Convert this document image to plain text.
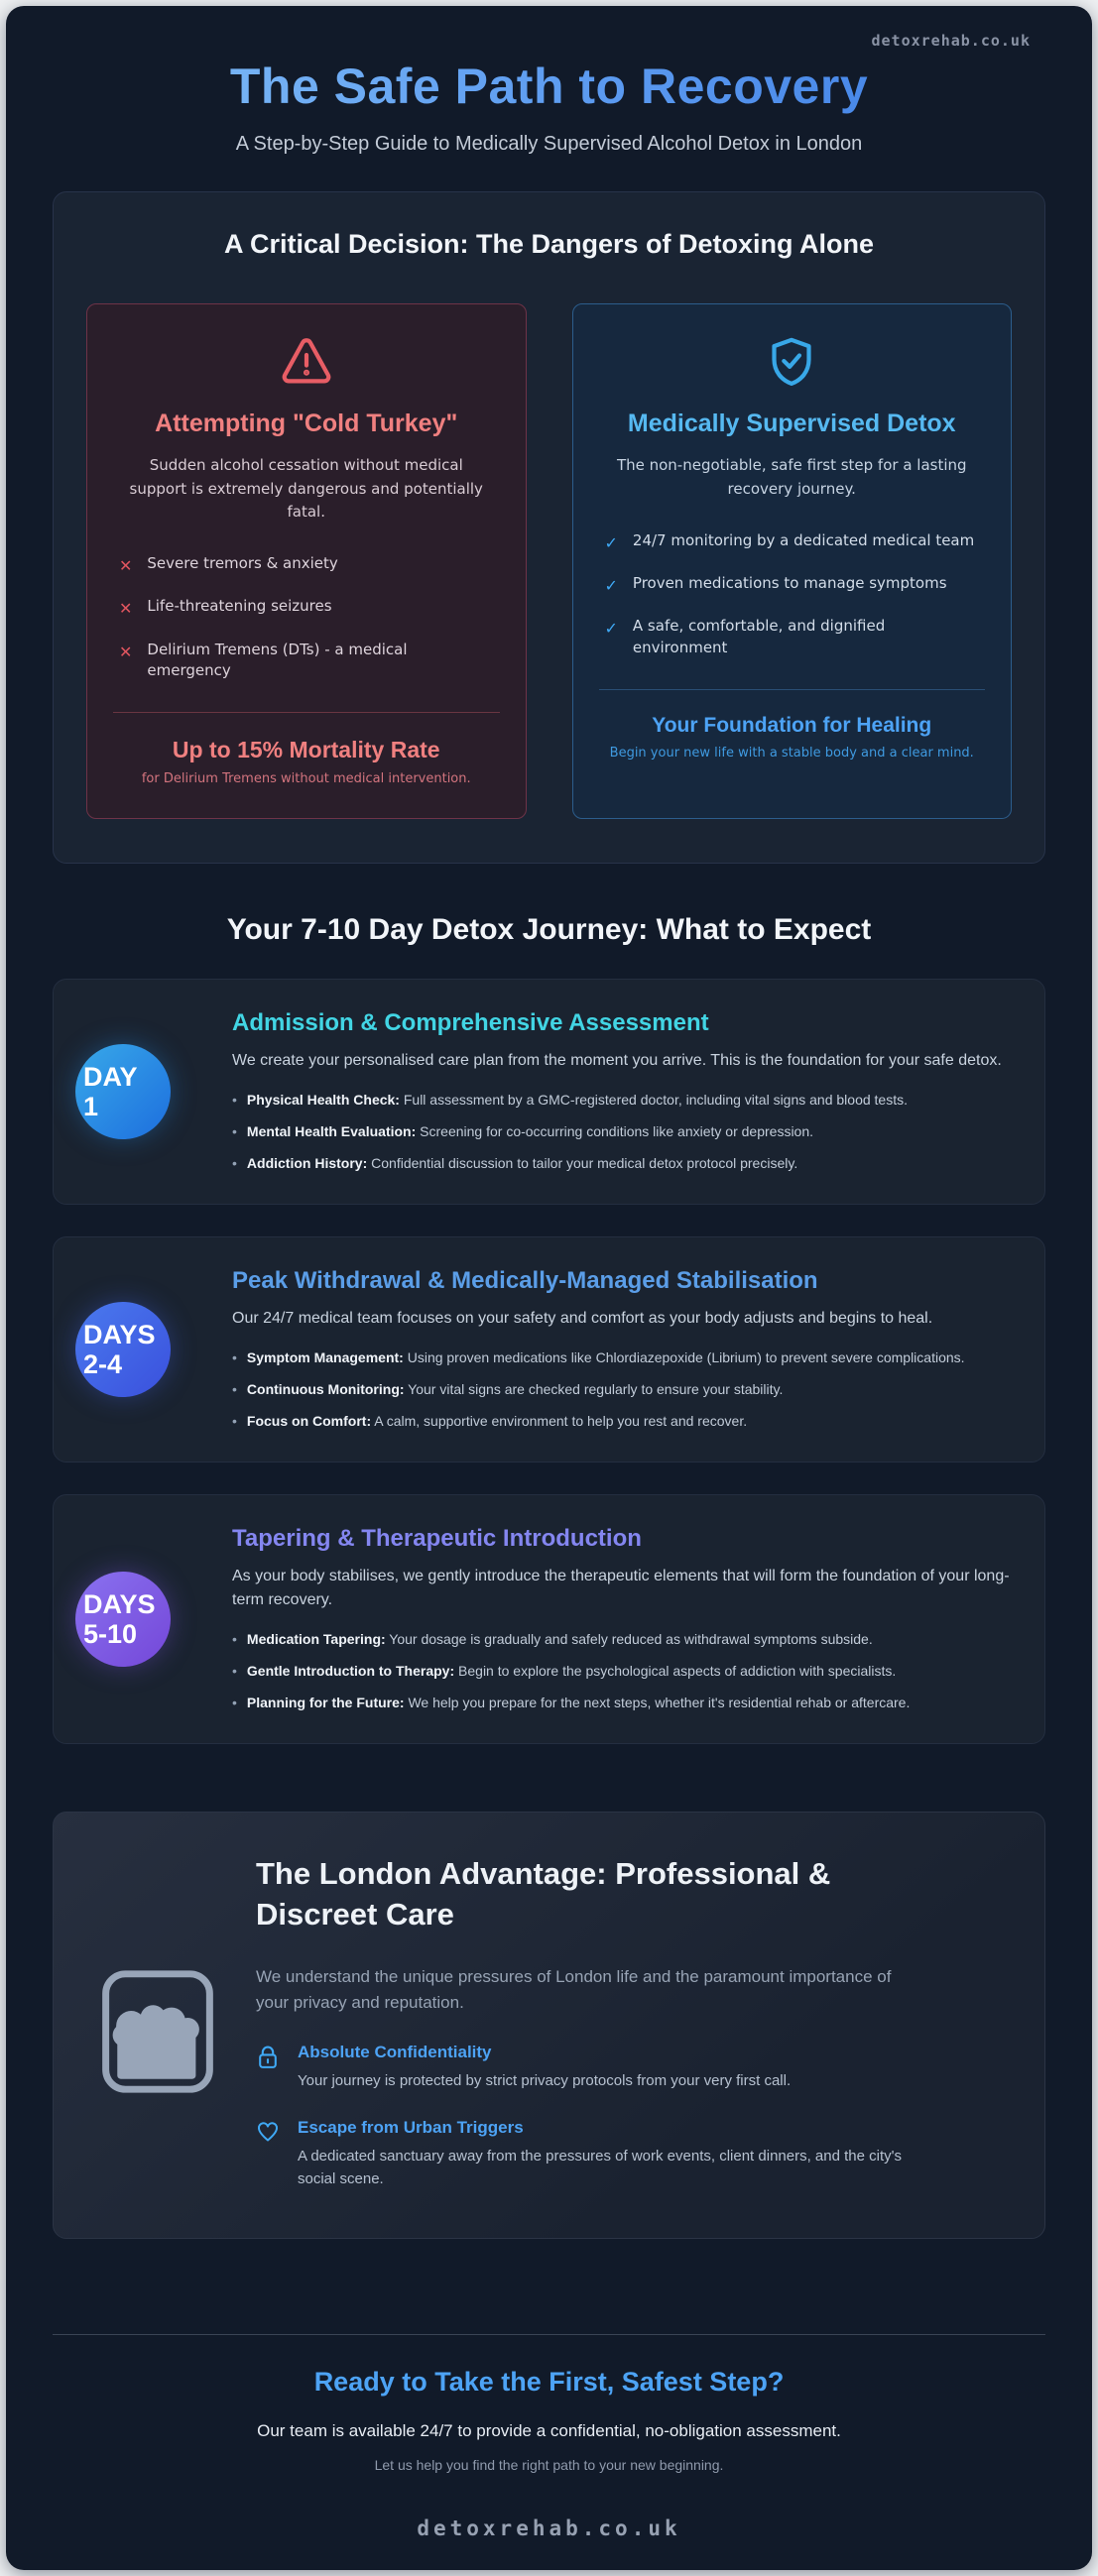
detoxrehab.co.uk
The Safe Path to Recovery
A Step-by-Step Guide to Medically Supervised Alcohol Detox in London
A Critical Decision: The Dangers of Detoxing Alone
Attempting "Cold Turkey"
Sudden alcohol cessation without medical support is extremely dangerous and potentially fatal.
✕
Severe tremors & anxiety
✕
Life-threatening seizures
✕
Delirium Tremens (DTs) - a medical emergency
Up to 15% Mortality Rate
for Delirium Tremens without medical intervention.
Medically Supervised Detox
The non-negotiable, safe first step for a lasting recovery journey.
✓
24/7 monitoring by a dedicated medical team
✓
Proven medications to manage symptoms
✓
A safe, comfortable, and dignified environment
Your Foundation for Healing
Begin your new life with a stable body and a clear mind.
Your 7-10 Day Detox Journey: What to Expect
DAY
1
Admission & Comprehensive Assessment
We create your personalised care plan from the moment you arrive. This is the foundation for your safe detox.
• Physical Health Check: Full assessment by a GMC-registered doctor, including vital signs and blood tests.
• Mental Health Evaluation: Screening for co-occurring conditions like anxiety or depression.
• Addiction History: Confidential discussion to tailor your medical detox protocol precisely.
DAYS
2-4
Peak Withdrawal & Medically-Managed Stabilisation
Our 24/7 medical team focuses on your safety and comfort as your body adjusts and begins to heal.
• Symptom Management: Using proven medications like Chlordiazepoxide (Librium) to prevent severe complications.
• Continuous Monitoring: Your vital signs are checked regularly to ensure your stability.
• Focus on Comfort: A calm, supportive environment to help you rest and recover.
DAYS
5-10
Tapering & Therapeutic Introduction
As your body stabilises, we gently introduce the therapeutic elements that will form the foundation of your long-term recovery.
• Medication Tapering: Your dosage is gradually and safely reduced as withdrawal symptoms subside.
• Gentle Introduction to Therapy: Begin to explore the psychological aspects of addiction with specialists.
• Planning for the Future: We help you prepare for the next steps, whether it's residential rehab or aftercare.
The London Advantage: Professional & Discreet Care
We understand the unique pressures of London life and the paramount importance of your privacy and reputation.
Absolute Confidentiality
Your journey is protected by strict privacy protocols from your very first call.
Escape from Urban Triggers
A dedicated sanctuary away from the pressures of work events, client dinners, and the city's social scene.
Ready to Take the First, Safest Step?
Our team is available 24/7 to provide a confidential, no-obligation assessment.
Let us help you find the right path to your new beginning.
detoxrehab.co.uk
